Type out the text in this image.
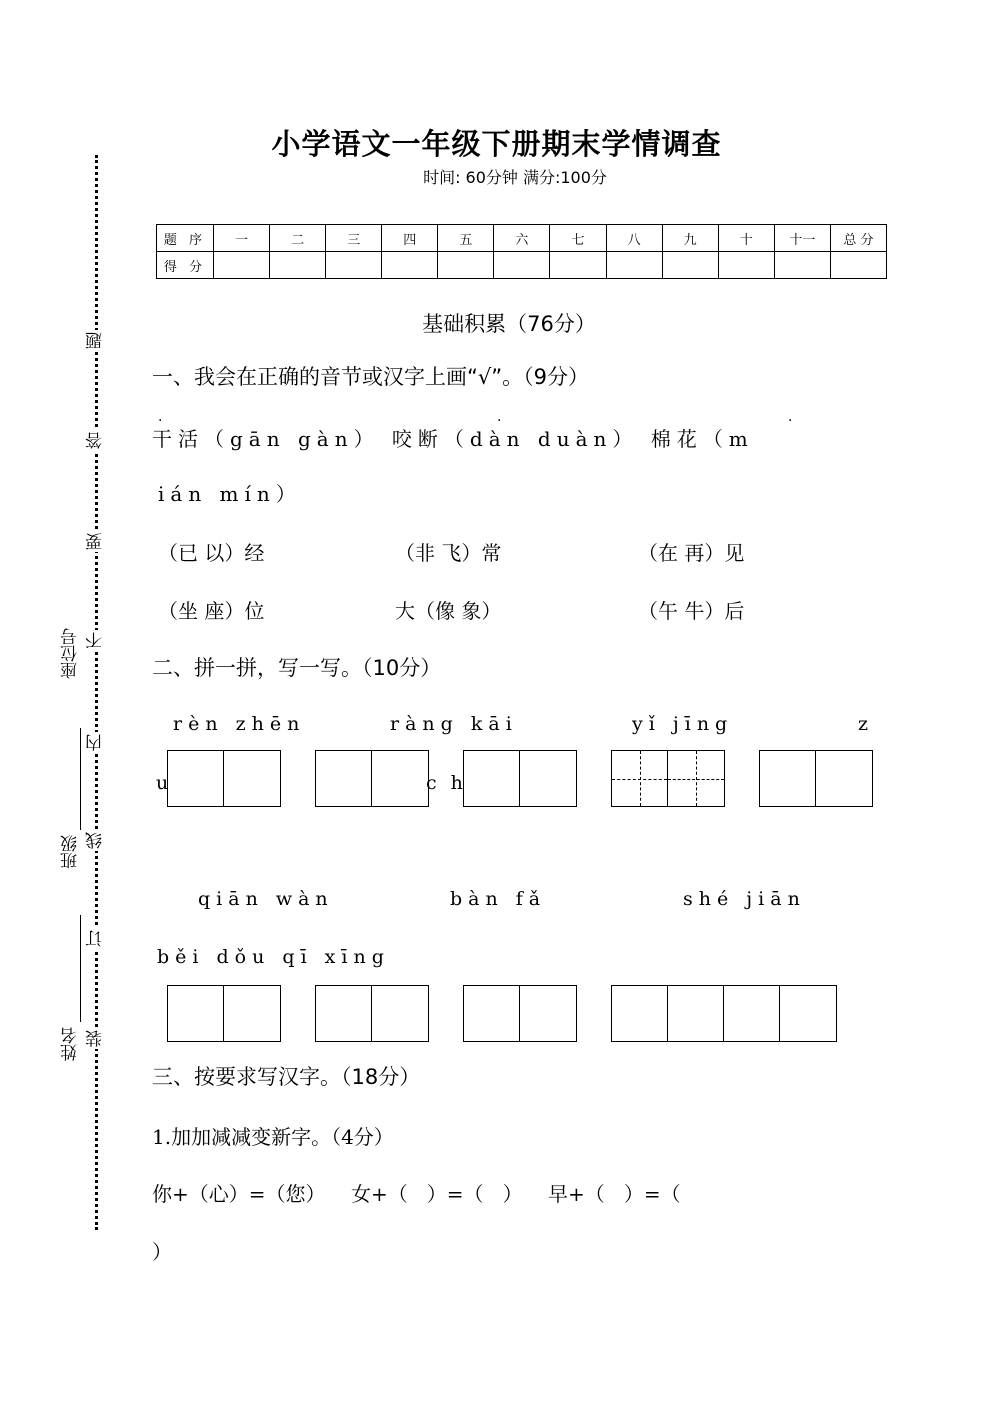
姓名
班级
座位号
装
订
线
内
不
要
答
题
小学语文一年级下册期末学情调查
时间: 60分钟 满分:100分
题 序	一	二	三	四	五	六	七	八	九	十	十一	总 分
得 分												
基础积累（76分）
一、我会在正确的音节或汉字上画“√”。（9分）
·	·	·
干活（gān gàn） 咬断（dàn duàn） 棉花（m
ián mín）
（已 以）经	（非 飞）常	（在 再）见
（坐 座）位	大（像 象）	（午 牛）后
二、拼一拼，写一写。（10分）
rèn zhēn	ràng kāi	yǐ jīng	z
u	c h
qiān wàn	bàn fǎ	shé jiān
běi dǒu qī xīng
三、按要求写汉字。（18分）
1.加加减减变新字。（4分）
你+（心）=（您）    女+（   ）=（   ）    早+（   ）=（
）
